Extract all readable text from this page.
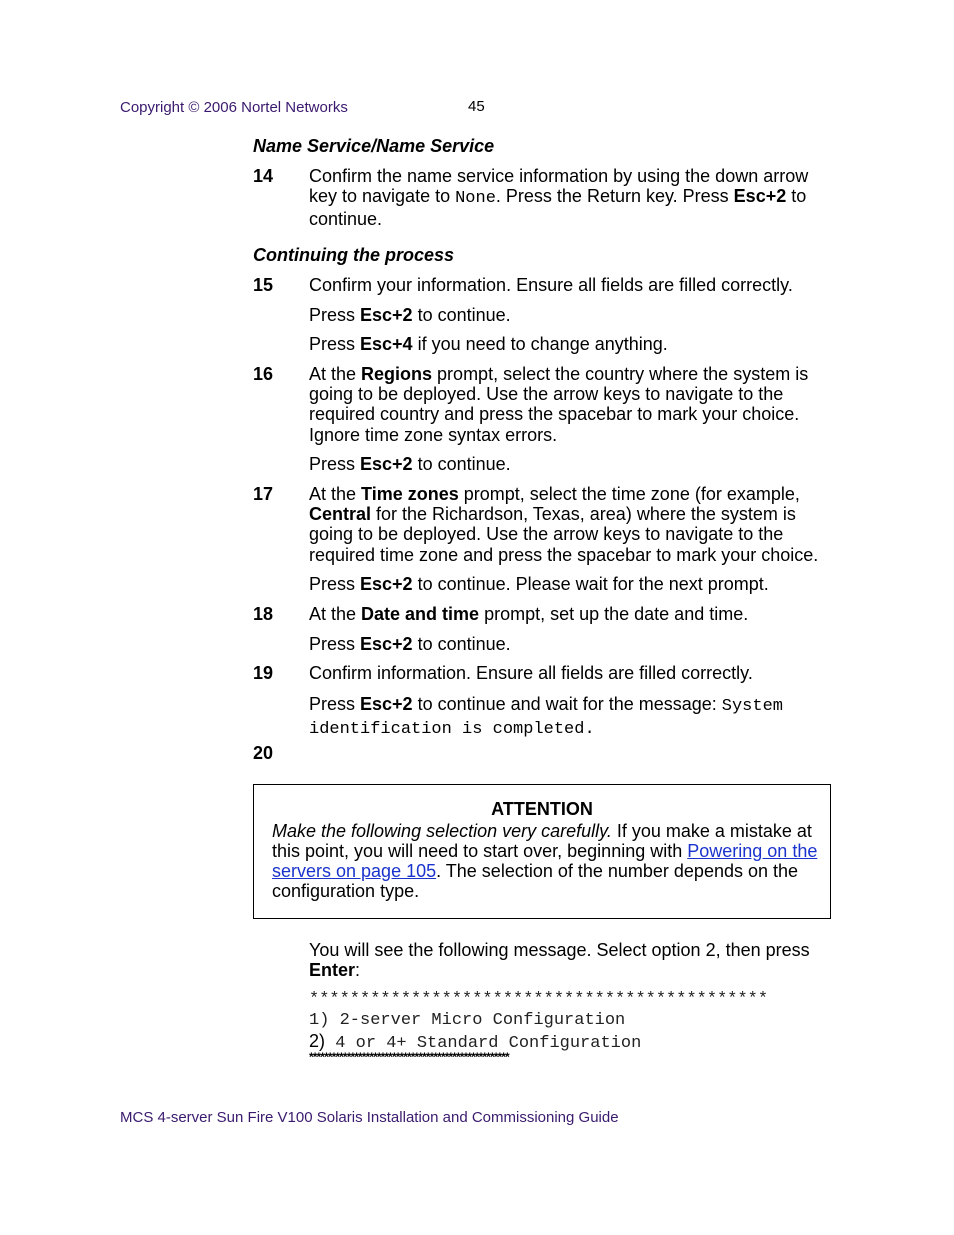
Copyright © 2006 Nortel Networks	45
Name Service/Name Service
14 Confirm the name service information by using the down arrow key to navigate to None. Press the Return key. Press Esc+2 to continue.
Continuing the process
15 Confirm your information. Ensure all fields are filled correctly.
Press Esc+2 to continue.
Press Esc+4 if you need to change anything.
16 At the Regions prompt, select the country where the system is going to be deployed. Use the arrow keys to navigate to the required country and press the spacebar to mark your choice. Ignore time zone syntax errors.
Press Esc+2 to continue.
17 At the Time zones prompt, select the time zone (for example, Central for the Richardson, Texas, area) where the system is going to be deployed. Use the arrow keys to navigate to the required time zone and press the spacebar to mark your choice.
Press Esc+2 to continue. Please wait for the next prompt.
18 At the Date and time prompt, set up the date and time.
Press Esc+2 to continue.
19 Confirm information. Ensure all fields are filled correctly.
Press Esc+2 to continue and wait for the message: System identification is completed.
20
ATTENTION
Make the following selection very carefully. If you make a mistake at this point, you will need to start over, beginning with Powering on the servers on page 105. The selection of the number depends on the configuration type.
You will see the following message. Select option 2, then press Enter:
*********************************************
1) 2-server Micro Configuration
2) 4 or 4+ Standard Configuration
*****************************************************
MCS 4-server Sun Fire V100 Solaris Installation and Commissioning Guide
